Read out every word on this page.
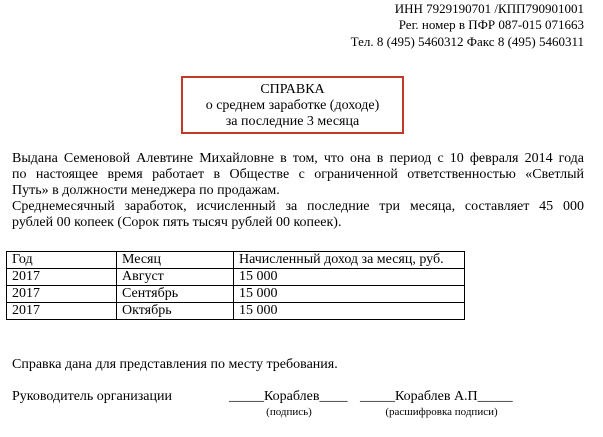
ИНН 7929190701 /КПП790901001
Рег. номер в ПФР 087-015 071663
Тел. 8 (495) 5460312 Факс 8 (495) 5460311
СПРАВКА
о среднем заработке (доходе)
за последние 3 месяца
Выдана Семеновой Алевтине Михайловне в том, что она в период с 10 февраля 2014 года
по настоящее время работает в Обществе с ограниченной ответственностью «Светлый
Путь» в должности менеджера по продажам.
Среднемесячный заработок, исчисленный за последние три месяца, составляет 45 000
рублей 00 копеек (Сорок пять тысяч рублей 00 копеек).
Год	Месяц	Начисленный доход за месяц, руб.
2017	Август	15 000
2017	Сентябрь	15 000
2017	Октябрь	15 000
Справка дана для представления по месту требования.
Руководитель организации	_____Кораблев____
(подпись)
_____Кораблев А.П_____
(расшифровка подписи)
